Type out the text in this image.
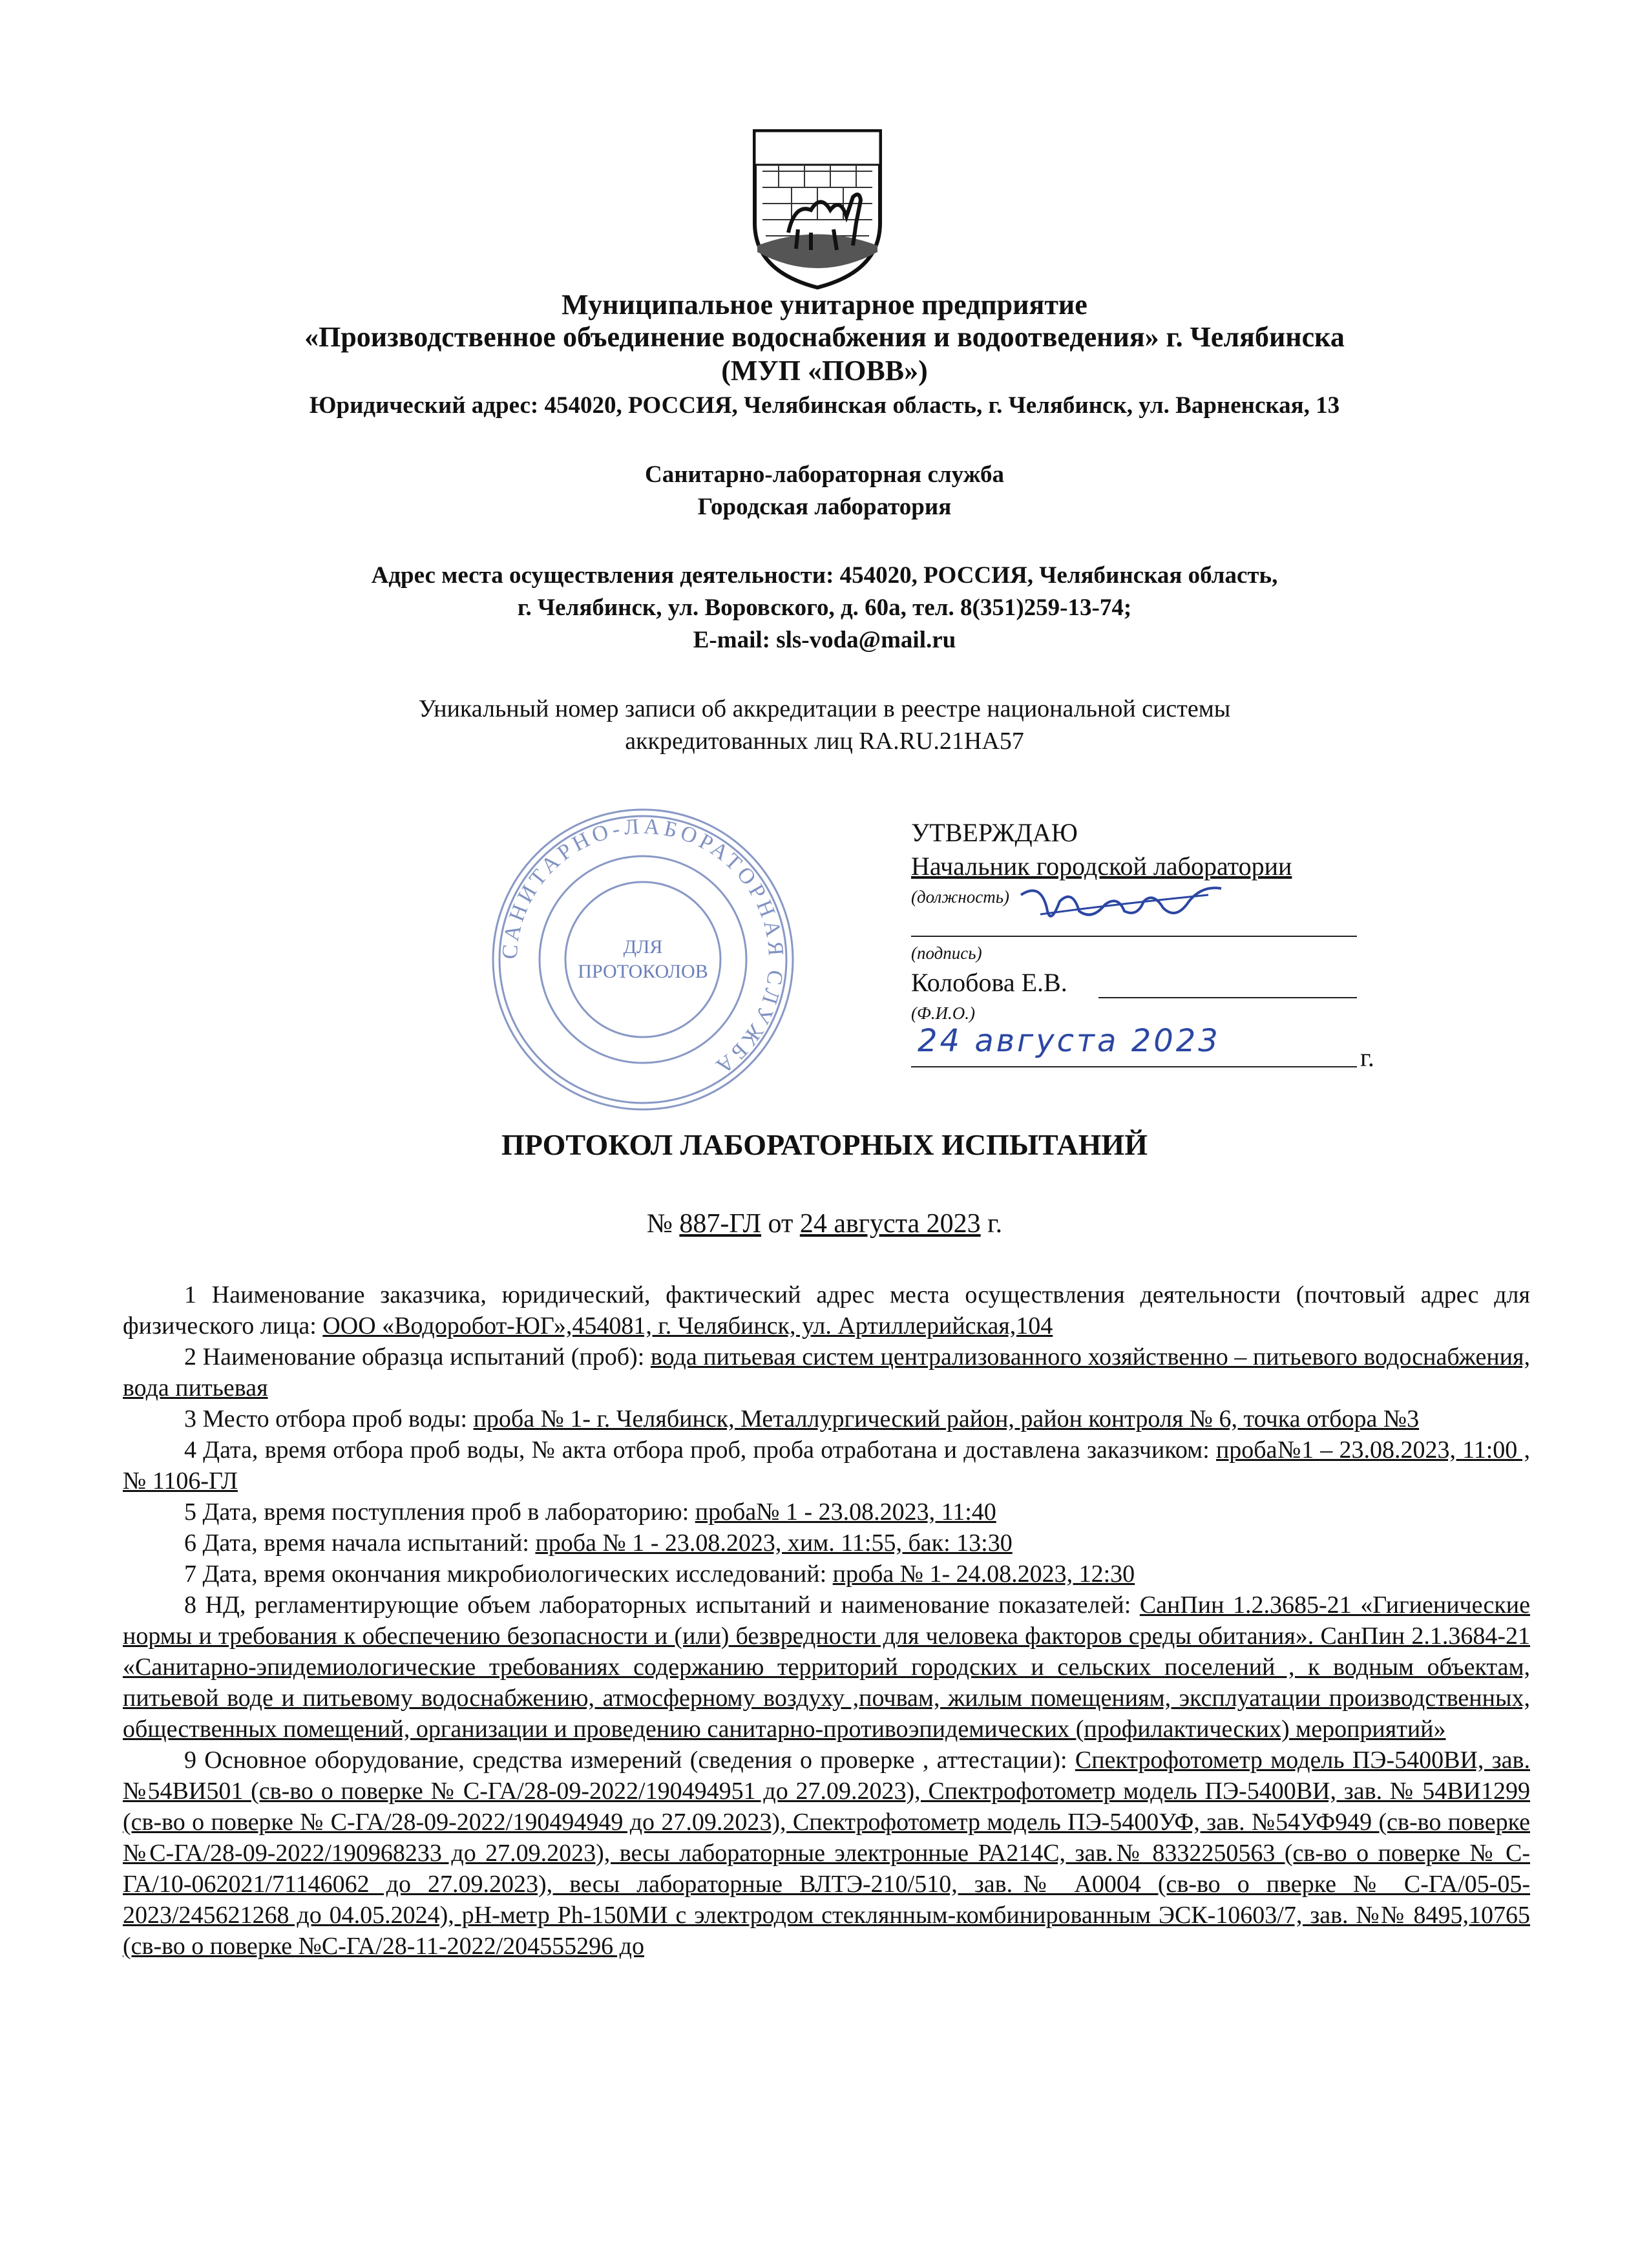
Муниципальное унитарное предприятие
«Производственное объединение водоснабжения и водоотведения» г. Челябинска
(МУП «ПОВВ»)
Юридический адрес: 454020, РОССИЯ, Челябинская область, г. Челябинск, ул. Варненская, 13
Санитарно-лабораторная служба
Городская лаборатория
Адрес места осуществления деятельности: 454020, РОССИЯ, Челябинская область,
г. Челябинск, ул. Воровского, д. 60а, тел. 8(351)259-13-74;
E-mail: sls-voda@mail.ru
Уникальный номер записи об аккредитации в реестре национальной системы
аккредитованных лиц RA.RU.21НА57
САНИТАРНО-ЛАБОРАТОРНАЯ СЛУЖБА
ДЛЯ
ПРОТОКОЛОВ
УТВЕРЖДАЮ
Начальник городской лаборатории
(должность)
(подпись)
Колобова Е.В.
(Ф.И.О.)
24 августа 2023	г.
ПРОТОКОЛ ЛАБОРАТОРНЫХ ИСПЫТАНИЙ
№ 887-ГЛ от 24 августа 2023 г.

1 Наименование заказчика, юридический, фактический адрес места осуществления деятельности (почтовый адрес для физического лица: ООО «Водоробот-ЮГ»,454081, г. Челябинск, ул. Артиллерийская,104

2 Наименование образца испытаний (проб): вода питьевая систем централизованного хозяйственно – питьевого водоснабжения, вода питьевая

3 Место отбора проб воды: проба № 1- г. Челябинск, Металлургический район, район контроля № 6, точка отбора №3

4 Дата, время отбора проб воды, № акта отбора проб, проба отработана и доставлена заказчиком: проба№1 – 23.08.2023, 11:00 , № 1106-ГЛ

5 Дата, время поступления проб в лабораторию: проба№ 1 - 23.08.2023, 11:40

6 Дата, время начала испытаний: проба № 1 - 23.08.2023, хим. 11:55, бак: 13:30

7 Дата, время окончания микробиологических исследований: проба № 1- 24.08.2023, 12:30

8 НД, регламентирующие объем лабораторных испытаний и наименование показателей: СанПин 1.2.3685-21 «Гигиенические нормы и требования к обеспечению безопасности и (или) безвредности для человека факторов среды обитания». СанПин 2.1.3684-21 «Санитарно-эпидемиологические требованиях содержанию территорий городских и сельских поселений , к водным объектам, питьевой воде и питьевому водоснабжению, атмосферному воздуху ,почвам, жилым помещениям, эксплуатации производственных, общественных помещений, организации и проведению санитарно-противоэпидемических (профилактических) мероприятий»

9 Основное оборудование, средства измерений (сведения о проверке , аттестации): Спектрофотометр модель ПЭ-5400ВИ, зав. №54ВИ501 (св-во о поверке № С-ГА/28-09-2022/190494951 до 27.09.2023), Спектрофотометр модель ПЭ-5400ВИ, зав. № 54ВИ1299 (св-во о поверке № С-ГА/28-09-2022/190494949 до 27.09.2023), Спектрофотометр модель ПЭ-5400УФ, зав. №54УФ949 (св-во поверке №С-ГА/28-09-2022/190968233 до 27.09.2023), весы лабораторные электронные РА214С, зав.№ 8332250563 (св-во о поверке № С-ГА/10-062021/71146062 до 27.09.2023), весы лабораторные ВЛТЭ-210/510, зав.№ А0004 (св-во о пверке № С-ГА/05-05-2023/245621268 до 04.05.2024), pH-метр Ph-150МИ с электродом стеклянным-комбинированным ЭСК-10603/7, зав. №№ 8495,10765 (св-во о поверке №С-ГА/28-11-2022/204555296 до
